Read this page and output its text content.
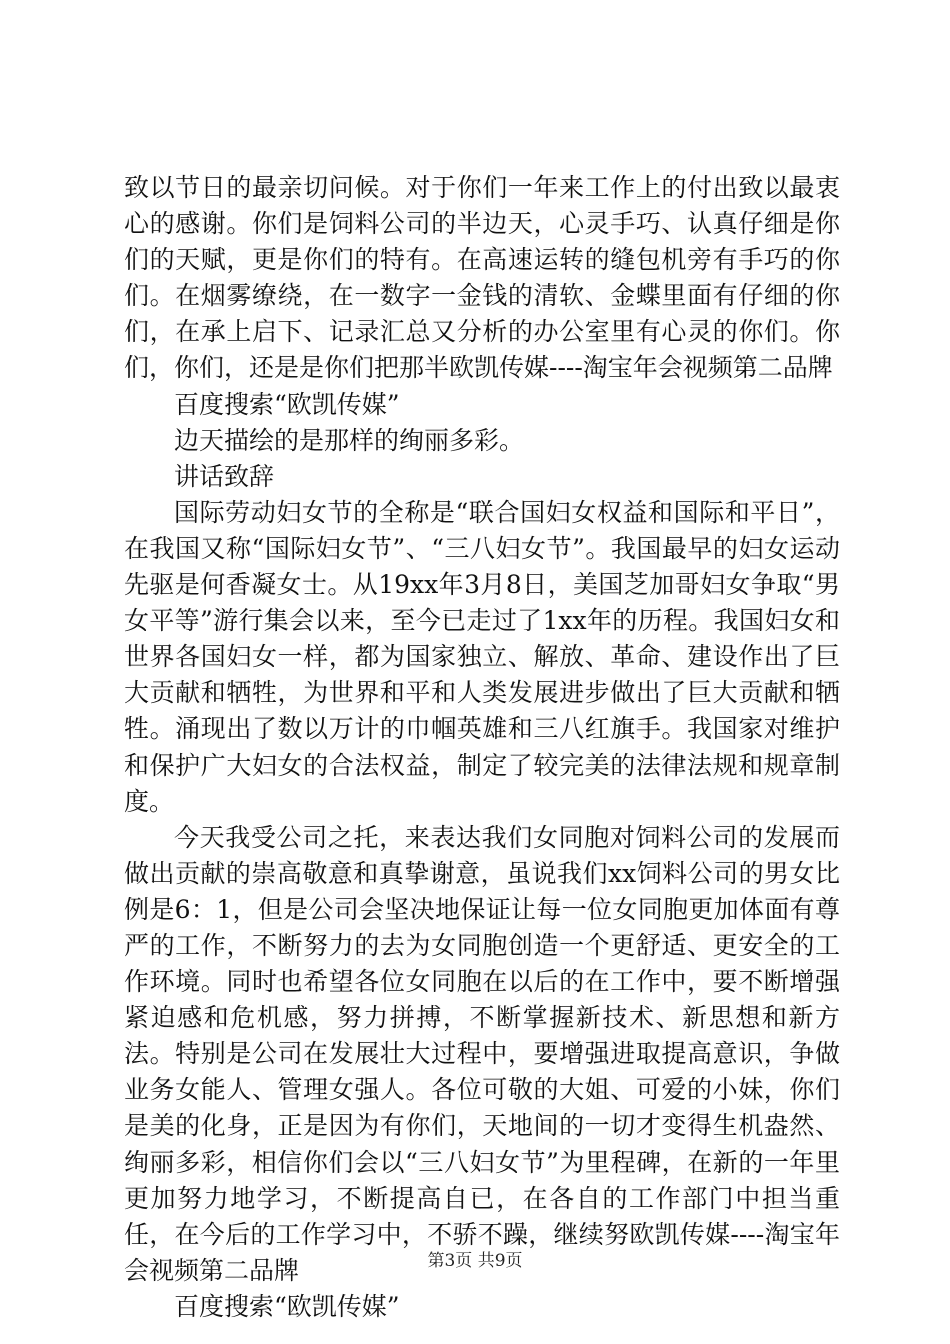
致以节日的最亲切问候。对于你们一年来工作上的付出致以最衷心的感谢。你们是饲料公司的半边天，心灵手巧、认真仔细是你们的天赋，更是你们的特有。在高速运转的缝包机旁有手巧的你们。在烟雾缭绕，在一数字一金钱的清软、金蝶里面有仔细的你们，在承上启下、记录汇总又分析的办公室里有心灵的你们。你们，你们，还是是你们把那半欧凯传媒----淘宝年会视频第二品牌

百度搜索“欧凯传媒”

边天描绘的是那样的绚丽多彩。

讲话致辞

国际劳动妇女节的全称是“联合国妇女权益和国际和平日”，在我国又称“国际妇女节”、“三八妇女节”。我国最早的妇女运动先驱是何香凝女士。从19xx年3月8日，美国芝加哥妇女争取“男女平等”游行集会以来，至今已走过了1xx年的历程。我国妇女和世界各国妇女一样，都为国家独立、解放、革命、建设作出了巨大贡献和牺牲，为世界和平和人类发展进步做出了巨大贡献和牺牲。涌现出了数以万计的巾帼英雄和三八红旗手。我国家对维护和保护广大妇女的合法权益，制定了较完美的法律法规和规章制度。

今天我受公司之托，来表达我们女同胞对饲料公司的发展而做出贡献的崇高敬意和真挚谢意，虽说我们xx饲料公司的男女比例是6：1，但是公司会坚决地保证让每一位女同胞更加体面有尊严的工作，不断努力的去为女同胞创造一个更舒适、更安全的工作环境。同时也希望各位女同胞在以后的在工作中，要不断增强紧迫感和危机感，努力拼搏，不断掌握新技术、新思想和新方法。特别是公司在发展壮大过程中，要增强进取提高意识，争做业务女能人、管理女强人。各位可敬的大姐、可爱的小妹，你们是美的化身，正是因为有你们，天地间的一切才变得生机盎然、绚丽多彩，相信你们会以“三八妇女节”为里程碑，在新的一年里更加努力地学习，不断提高自已，在各自的工作部门中担当重任，在今后的工作学习中，不骄不躁，继续努欧凯传媒----淘宝年会视频第二品牌

百度搜索“欧凯传媒”

第3页 共9页
